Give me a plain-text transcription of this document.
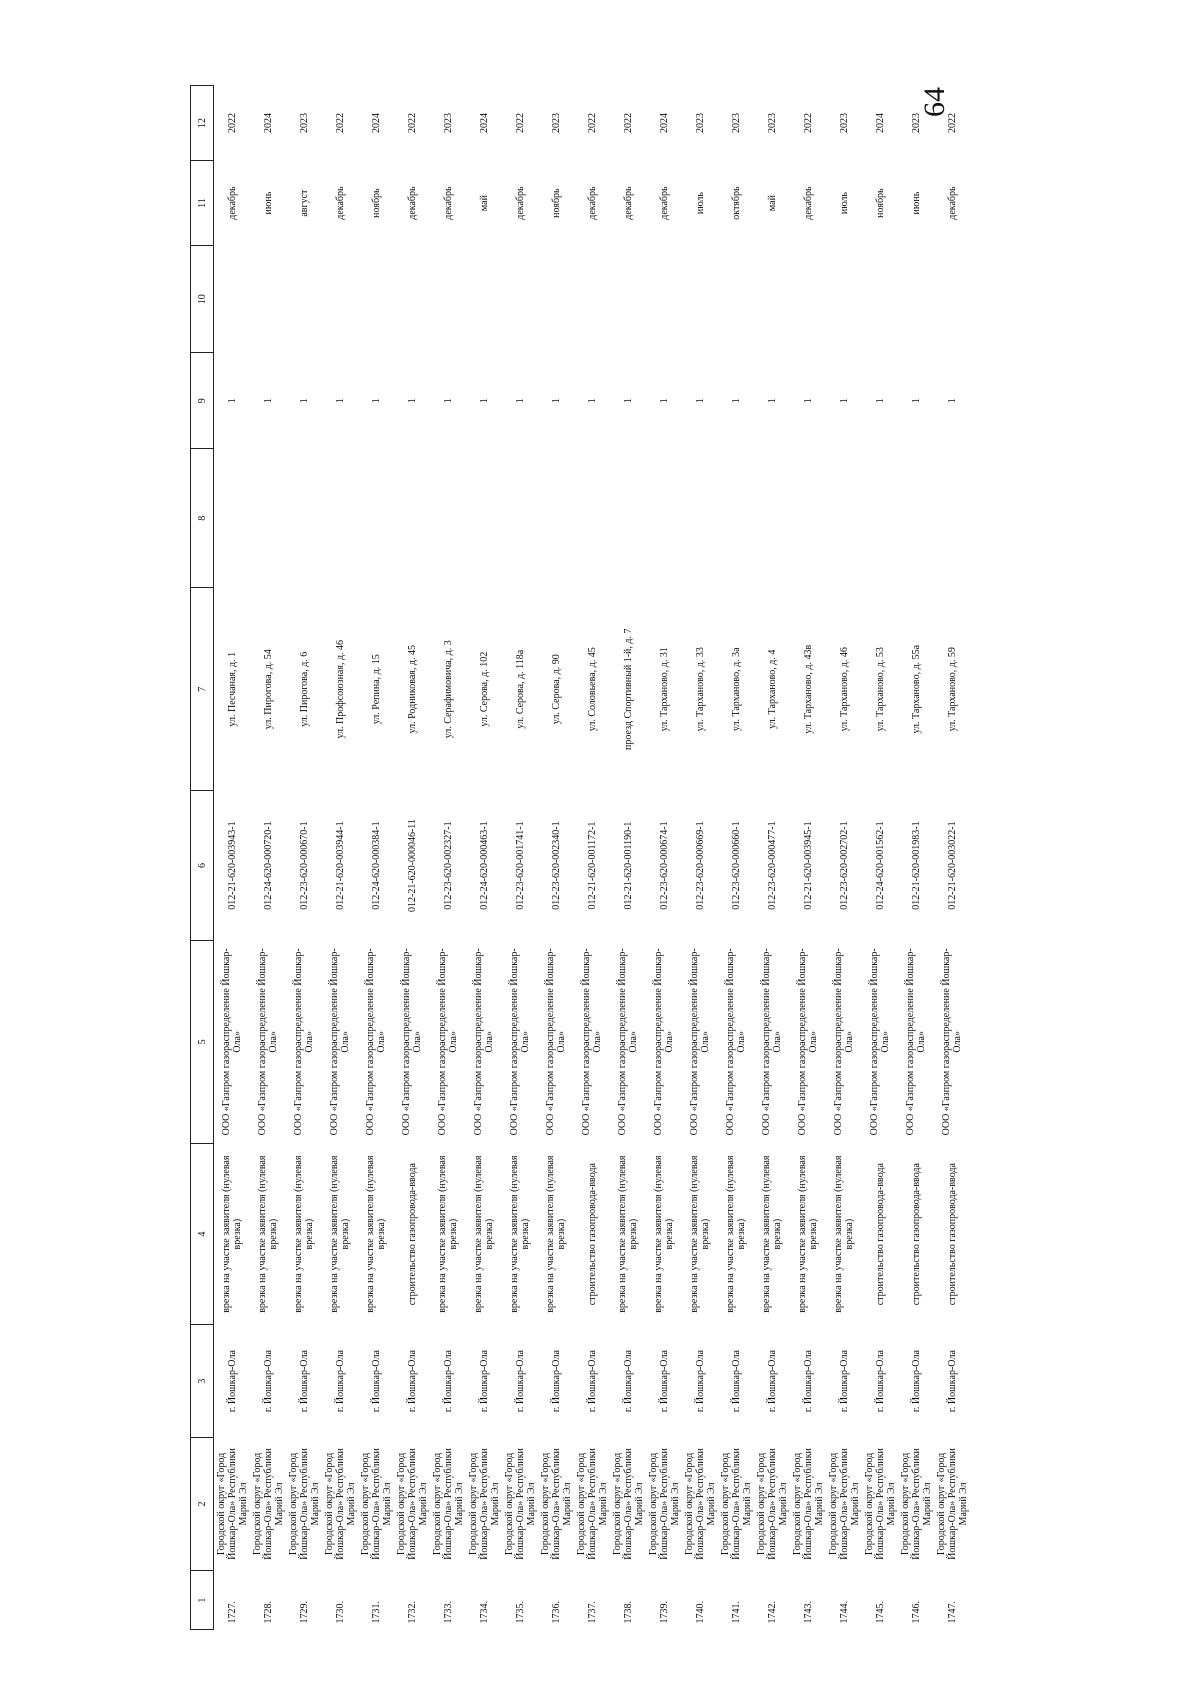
64
1	2	3	4	5	6	7	8	9	10	11	12
1727.	Городской округ «Город Йошкар-Ола» Республики Марий Эл	г. Йошкар-Ола	врезка на участке заявителя (нулевая врезка)	ООО «Газпром газораспределение Йошкар-Ола»	012-21-620-003943-1	ул. Песчаная, д. 1		1		декабрь	2022
1728.	Городской округ «Город Йошкар-Ола» Республики Марий Эл	г. Йошкар-Ола	врезка на участке заявителя (нулевая врезка)	ООО «Газпром газораспределение Йошкар-Ола»	012-24-620-000720-1	ул. Пирогова, д. 54		1		июнь	2024
1729.	Городской округ «Город Йошкар-Ола» Республики Марий Эл	г. Йошкар-Ола	врезка на участке заявителя (нулевая врезка)	ООО «Газпром газораспределение Йошкар-Ола»	012-23-620-000670-1	ул. Пирогова, д. 6		1		август	2023
1730.	Городской округ «Город Йошкар-Ола» Республики Марий Эл	г. Йошкар-Ола	врезка на участке заявителя (нулевая врезка)	ООО «Газпром газораспределение Йошкар-Ола»	012-21-620-003944-1	ул. Профсоюзная, д. 46		1		декабрь	2022
1731.	Городской округ «Город Йошкар-Ола» Республики Марий Эл	г. Йошкар-Ола	врезка на участке заявителя (нулевая врезка)	ООО «Газпром газораспределение Йошкар-Ола»	012-24-620-000384-1	ул. Репина, д. 15		1		ноябрь	2024
1732.	Городской округ «Город Йошкар-Ола» Республики Марий Эл	г. Йошкар-Ола	строительство газопровода-ввода	ООО «Газпром газораспределение Йошкар-Ола»	012-21-620-000046-11	ул. Родниковая, д. 45		1		декабрь	2022
1733.	Городской округ «Город Йошкар-Ола» Республики Марий Эл	г. Йошкар-Ола	врезка на участке заявителя (нулевая врезка)	ООО «Газпром газораспределение Йошкар-Ола»	012-23-620-002327-1	ул. Серафимовича, д. 3		1		декабрь	2023
1734.	Городской округ «Город Йошкар-Ола» Республики Марий Эл	г. Йошкар-Ола	врезка на участке заявителя (нулевая врезка)	ООО «Газпром газораспределение Йошкар-Ола»	012-24-620-000463-1	ул. Серова, д. 102		1		май	2024
1735.	Городской округ «Город Йошкар-Ола» Республики Марий Эл	г. Йошкар-Ола	врезка на участке заявителя (нулевая врезка)	ООО «Газпром газораспределение Йошкар-Ола»	012-23-620-001741-1	ул. Серова, д. 118а		1		декабрь	2022
1736.	Городской округ «Город Йошкар-Ола» Республики Марий Эл	г. Йошкар-Ола	врезка на участке заявителя (нулевая врезка)	ООО «Газпром газораспределение Йошкар-Ола»	012-23-620-002340-1	ул. Серова, д. 90		1		ноябрь	2023
1737.	Городской округ «Город Йошкар-Ола» Республики Марий Эл	г. Йошкар-Ола	строительство газопровода-ввода	ООО «Газпром газораспределение Йошкар-Ола»	012-21-620-001172-1	ул. Соловьева, д. 45		1		декабрь	2022
1738.	Городской округ «Город Йошкар-Ола» Республики Марий Эл	г. Йошкар-Ола	врезка на участке заявителя (нулевая врезка)	ООО «Газпром газораспределение Йошкар-Ола»	012-21-620-001190-1	проезд Спортивный 1-й, д. 7		1		декабрь	2022
1739.	Городской округ «Город Йошкар-Ола» Республики Марий Эл	г. Йошкар-Ола	врезка на участке заявителя (нулевая врезка)	ООО «Газпром газораспределение Йошкар-Ола»	012-23-620-000674-1	ул. Тарханово, д. 31		1		декабрь	2024
1740.	Городской округ «Город Йошкар-Ола» Республики Марий Эл	г. Йошкар-Ола	врезка на участке заявителя (нулевая врезка)	ООО «Газпром газораспределение Йошкар-Ола»	012-23-620-000669-1	ул. Тарханово, д. 33		1		июль	2023
1741.	Городской округ «Город Йошкар-Ола» Республики Марий Эл	г. Йошкар-Ола	врезка на участке заявителя (нулевая врезка)	ООО «Газпром газораспределение Йошкар-Ола»	012-23-620-000660-1	ул. Тарханово, д. 3а		1		октябрь	2023
1742.	Городской округ «Город Йошкар-Ола» Республики Марий Эл	г. Йошкар-Ола	врезка на участке заявителя (нулевая врезка)	ООО «Газпром газораспределение Йошкар-Ола»	012-23-620-000477-1	ул. Тарханово, д. 4		1		май	2023
1743.	Городской округ «Город Йошкар-Ола» Республики Марий Эл	г. Йошкар-Ола	врезка на участке заявителя (нулевая врезка)	ООО «Газпром газораспределение Йошкар-Ола»	012-21-620-003945-1	ул. Тарханово, д. 43в		1		декабрь	2022
1744.	Городской округ «Город Йошкар-Ола» Республики Марий Эл	г. Йошкар-Ола	врезка на участке заявителя (нулевая врезка)	ООО «Газпром газораспределение Йошкар-Ола»	012-23-620-002702-1	ул. Тарханово, д. 46		1		июль	2023
1745.	Городской округ «Город Йошкар-Ола» Республики Марий Эл	г. Йошкар-Ола	строительство газопровода-ввода	ООО «Газпром газораспределение Йошкар-Ола»	012-24-620-001562-1	ул. Тарханово, д. 53		1		ноябрь	2024
1746.	Городской округ «Город Йошкар-Ола» Республики Марий Эл	г. Йошкар-Ола	строительство газопровода-ввода	ООО «Газпром газораспределение Йошкар-Ола»	012-21-620-001983-1	ул. Тарханово, д. 55а		1		июнь	2023
1747.	Городской округ «Город Йошкар-Ола» Республики Марий Эл	г. Йошкар-Ола	строительство газопровода-ввода	ООО «Газпром газораспределение Йошкар-Ола»	012-21-620-003022-1	ул. Тарханово, д. 59		1		декабрь	2022
